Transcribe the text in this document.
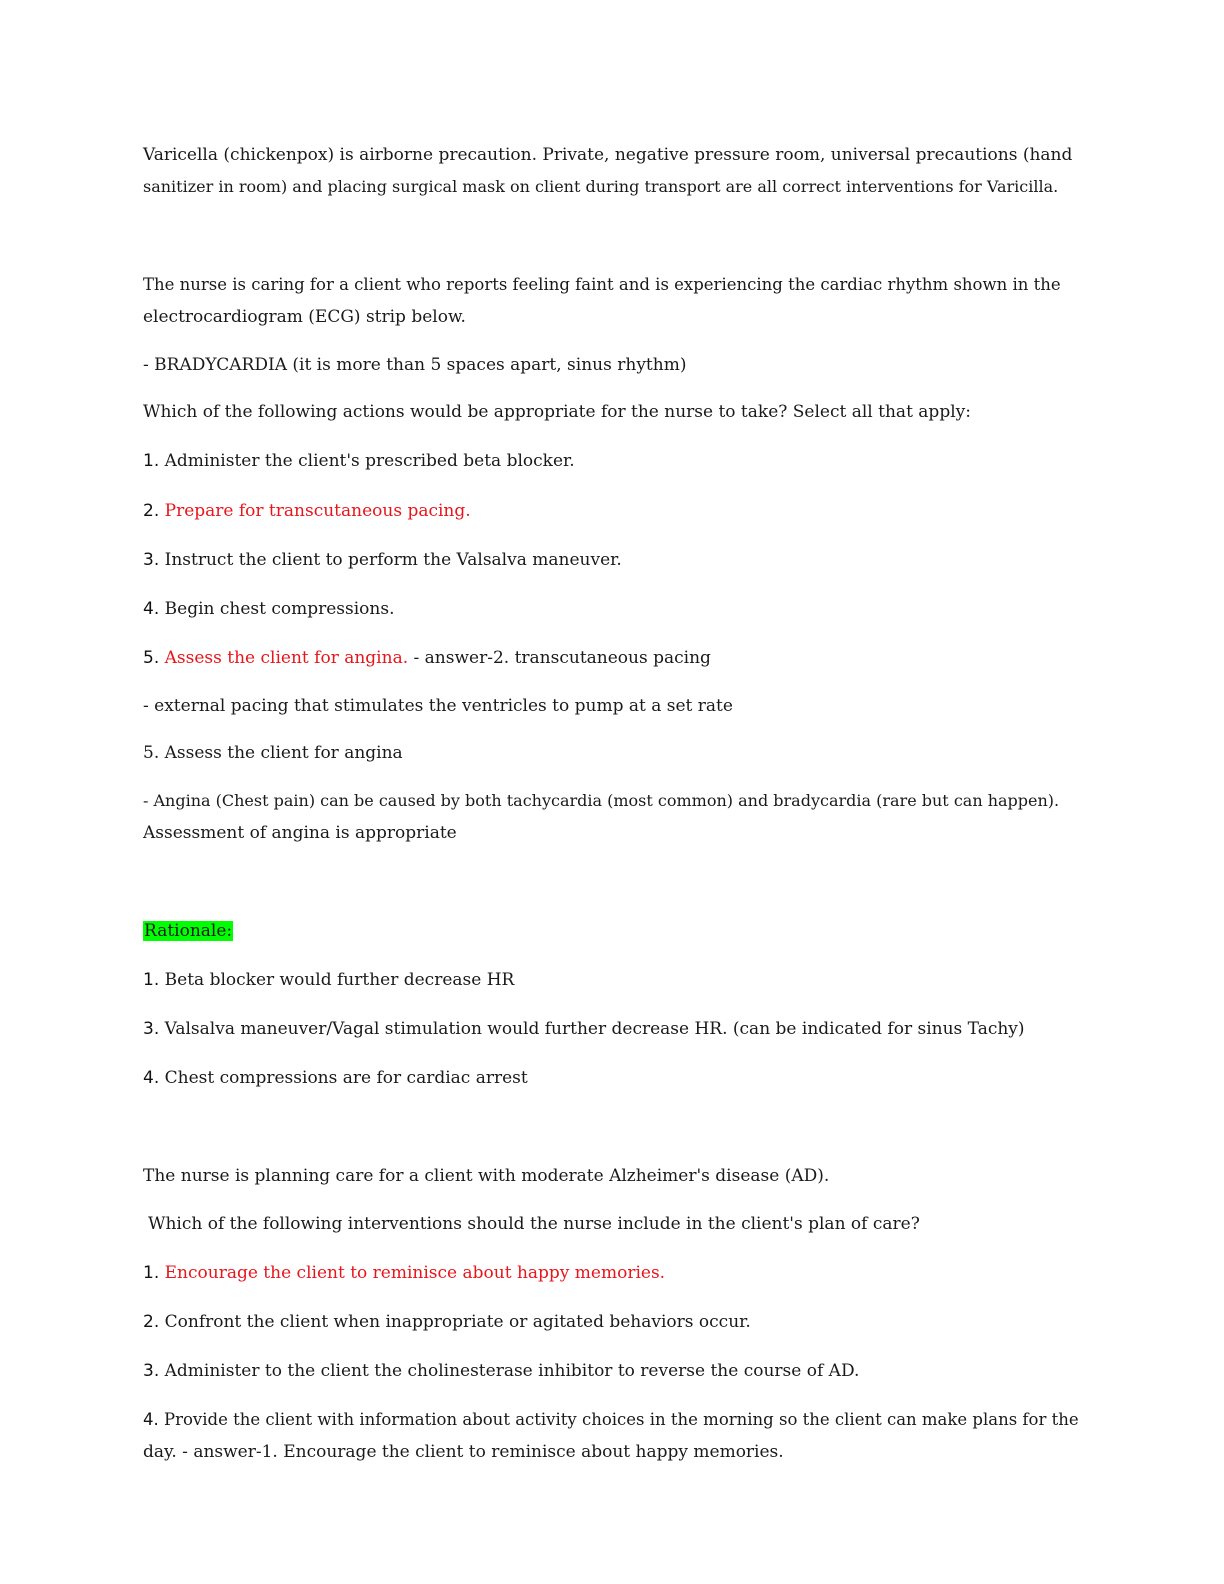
Varicella (chickenpox) is airborne precaution. Private, negative pressure room, universal precautions (hand
sanitizer in room) and placing surgical mask on client during transport are all correct interventions for Varicilla.
The nurse is caring for a client who reports feeling faint and is experiencing the cardiac rhythm shown in the
electrocardiogram (ECG) strip below.
- BRADYCARDIA (it is more than 5 spaces apart, sinus rhythm)
Which of the following actions would be appropriate for the nurse to take? Select all that apply:
1. Administer the client's prescribed beta blocker.
2. Prepare for transcutaneous pacing.
3. Instruct the client to perform the Valsalva maneuver.
4. Begin chest compressions.
5. Assess the client for angina. - answer-2. transcutaneous pacing
- external pacing that stimulates the ventricles to pump at a set rate
5. Assess the client for angina
- Angina (Chest pain) can be caused by both tachycardia (most common) and bradycardia (rare but can happen).
Assessment of angina is appropriate
Rationale:
1. Beta blocker would further decrease HR
3. Valsalva maneuver/Vagal stimulation would further decrease HR. (can be indicated for sinus Tachy)
4. Chest compressions are for cardiac arrest
The nurse is planning care for a client with moderate Alzheimer's disease (AD).
Which of the following interventions should the nurse include in the client's plan of care?
1. Encourage the client to reminisce about happy memories.
2. Confront the client when inappropriate or agitated behaviors occur.
3. Administer to the client the cholinesterase inhibitor to reverse the course of AD.
4. Provide the client with information about activity choices in the morning so the client can make plans for the
day. - answer-1. Encourage the client to reminisce about happy memories.
